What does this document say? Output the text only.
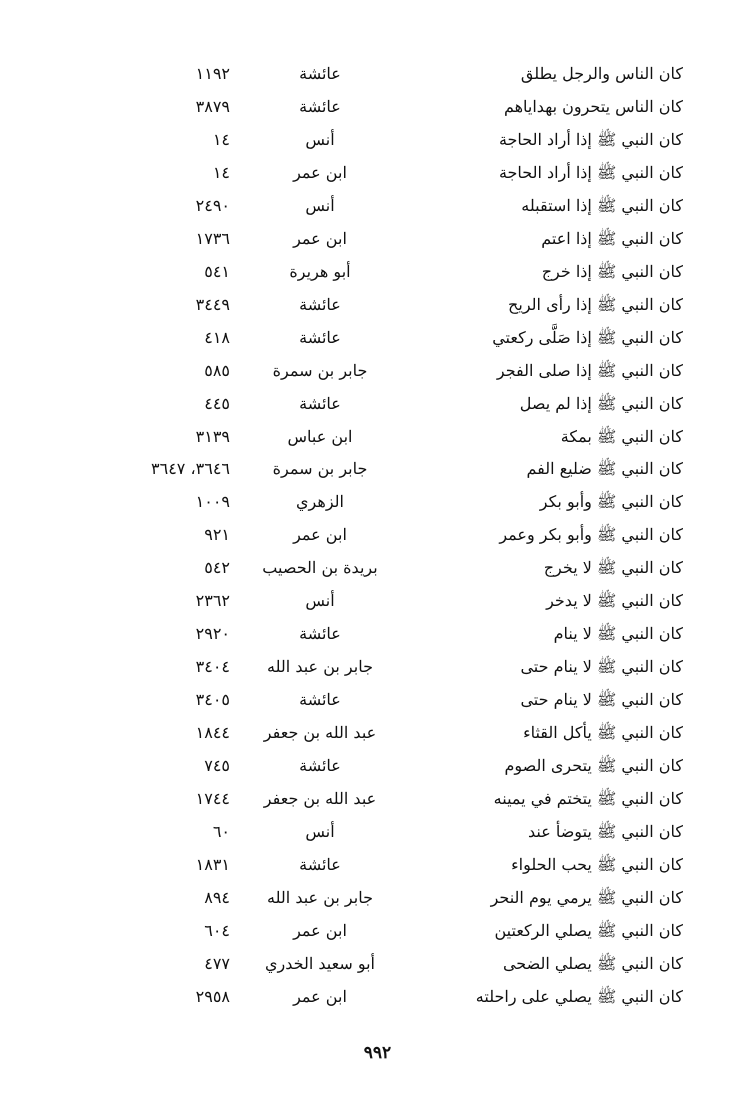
كان الناس والرجل يطلق
عائشة
١١٩٢
كان الناس يتحرون بهداياهم
عائشة
٣٨٧٩
كان النبي ﷺ إذا أراد الحاجة
أنس
١٤
كان النبي ﷺ إذا أراد الحاجة
ابن عمر
١٤
كان النبي ﷺ إذا استقبله
أنس
٢٤٩٠
كان النبي ﷺ إذا اعتم
ابن عمر
١٧٣٦
كان النبي ﷺ إذا خرج
أبو هريرة
٥٤١
كان النبي ﷺ إذا رأى الريح
عائشة
٣٤٤٩
كان النبي ﷺ إذا صَلَّى ركعتي
عائشة
٤١٨
كان النبي ﷺ إذا صلى الفجر
جابر بن سمرة
٥٨٥
كان النبي ﷺ إذا لم يصل
عائشة
٤٤٥
كان النبي ﷺ بمكة
ابن عباس
٣١٣٩
كان النبي ﷺ ضليع الفم
جابر بن سمرة
٣٦٤٦، ٣٦٤٧
كان النبي ﷺ وأبو بكر
الزهري
١٠٠٩
كان النبي ﷺ وأبو بكر وعمر
ابن عمر
٩٢١
كان النبي ﷺ لا يخرج
بريدة بن الحصيب
٥٤٢
كان النبي ﷺ لا يدخر
أنس
٢٣٦٢
كان النبي ﷺ لا ينام
عائشة
٢٩٢٠
كان النبي ﷺ لا ينام حتى
جابر بن عبد الله
٣٤٠٤
كان النبي ﷺ لا ينام حتى
عائشة
٣٤٠٥
كان النبي ﷺ يأكل القثاء
عبد الله بن جعفر
١٨٤٤
كان النبي ﷺ يتحرى الصوم
عائشة
٧٤٥
كان النبي ﷺ يتختم في يمينه
عبد الله بن جعفر
١٧٤٤
كان النبي ﷺ يتوضأ عند
أنس
٦٠
كان النبي ﷺ يحب الحلواء
عائشة
١٨٣١
كان النبي ﷺ يرمي يوم النحر
جابر بن عبد الله
٨٩٤
كان النبي ﷺ يصلي الركعتين
ابن عمر
٦٠٤
كان النبي ﷺ يصلي الضحى
أبو سعيد الخدري
٤٧٧
كان النبي ﷺ يصلي على راحلته
ابن عمر
٢٩٥٨
٩٩٢
